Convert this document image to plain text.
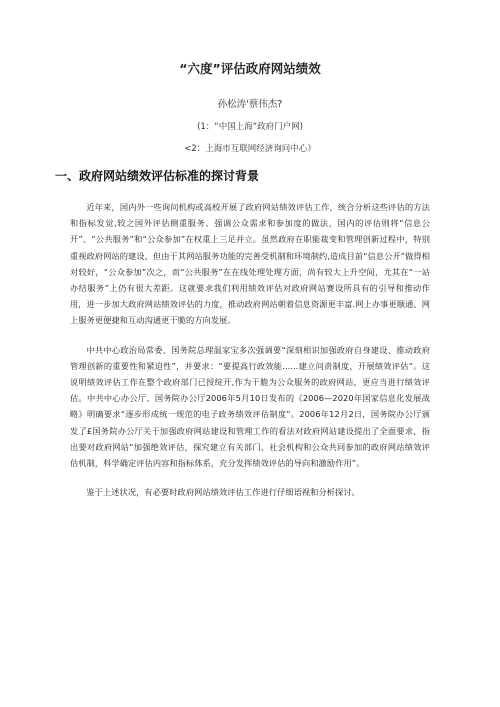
“六度”评估政府网站绩效
孙松涛'蔡伟杰?
(1：“中国上海“政府门户网)
<2：上海市互联网经济询问中心》
一、政府网站绩效评估标准的探讨背景

近年来，国内外一些询问机构或高校开展了政府网站绩效评估工作，统合分析这些评估的方法和指标发觉,较之国外评估侧重服务、强调公众需求和参加度的做法，国内的评估则将“信息公开”、“公共服务”和“公众参加”在权重上三足并立。虽然政府在职能裁变和管理创新过程中，特别重视政府网站的建设，但由于其网站服务功能的完善受机制和环境制约,造成目前“信息公开”做得相对较好，“公众参加”次之，而“公共服务”在在线处理处理方面，尚有较大上升空间，尤其在“一站办结服务”上仍有很大差距。这就要求我们利用绩效评估对政府网站赛设所具有的引导和推动作用，进一步加大政府网站绩效评估的力度，推动政府网站朝着信息资源更丰富.网上办事更顺通、网上服务更便捷和互动沟通更干脆的方向发展。

中共中心政治局常委、国务院总理温家宝多次强调要“深刻相识加强政府自身建设、推动政府管理创新的重要性和紧迫性”，并要求：“要提高行政效能......建立问责制度，开展绩效评估”。这说明绩效评估工作在整个政府部门已授绽开,作为干脆为公众服务的政府网站，更应当进行绩效评估。中共中心办公厅、国务院办公厅2006年5月10日发布的《2006—2020年国家信息化发展战略》明确要求“逐步形成统一规范的电子政务绩效评估制度”。2006年12月2日，国务院办公厅颁发了£国务院办公厅关于加强政府网站建设和管理工作的看法对政府网站建设提出了全面要求，指出要对政府网站“加强绝效评估，探究建立有关部门、社会机构和公众共同参加的政府网站绩效评估机制，科学确定评估内容和指标体系，充分发挥绩效评估的导向和激励作用”。

鉴于上述状况，有必要时政府网站绩效评估工作进行仔细语视和分析探讨。
